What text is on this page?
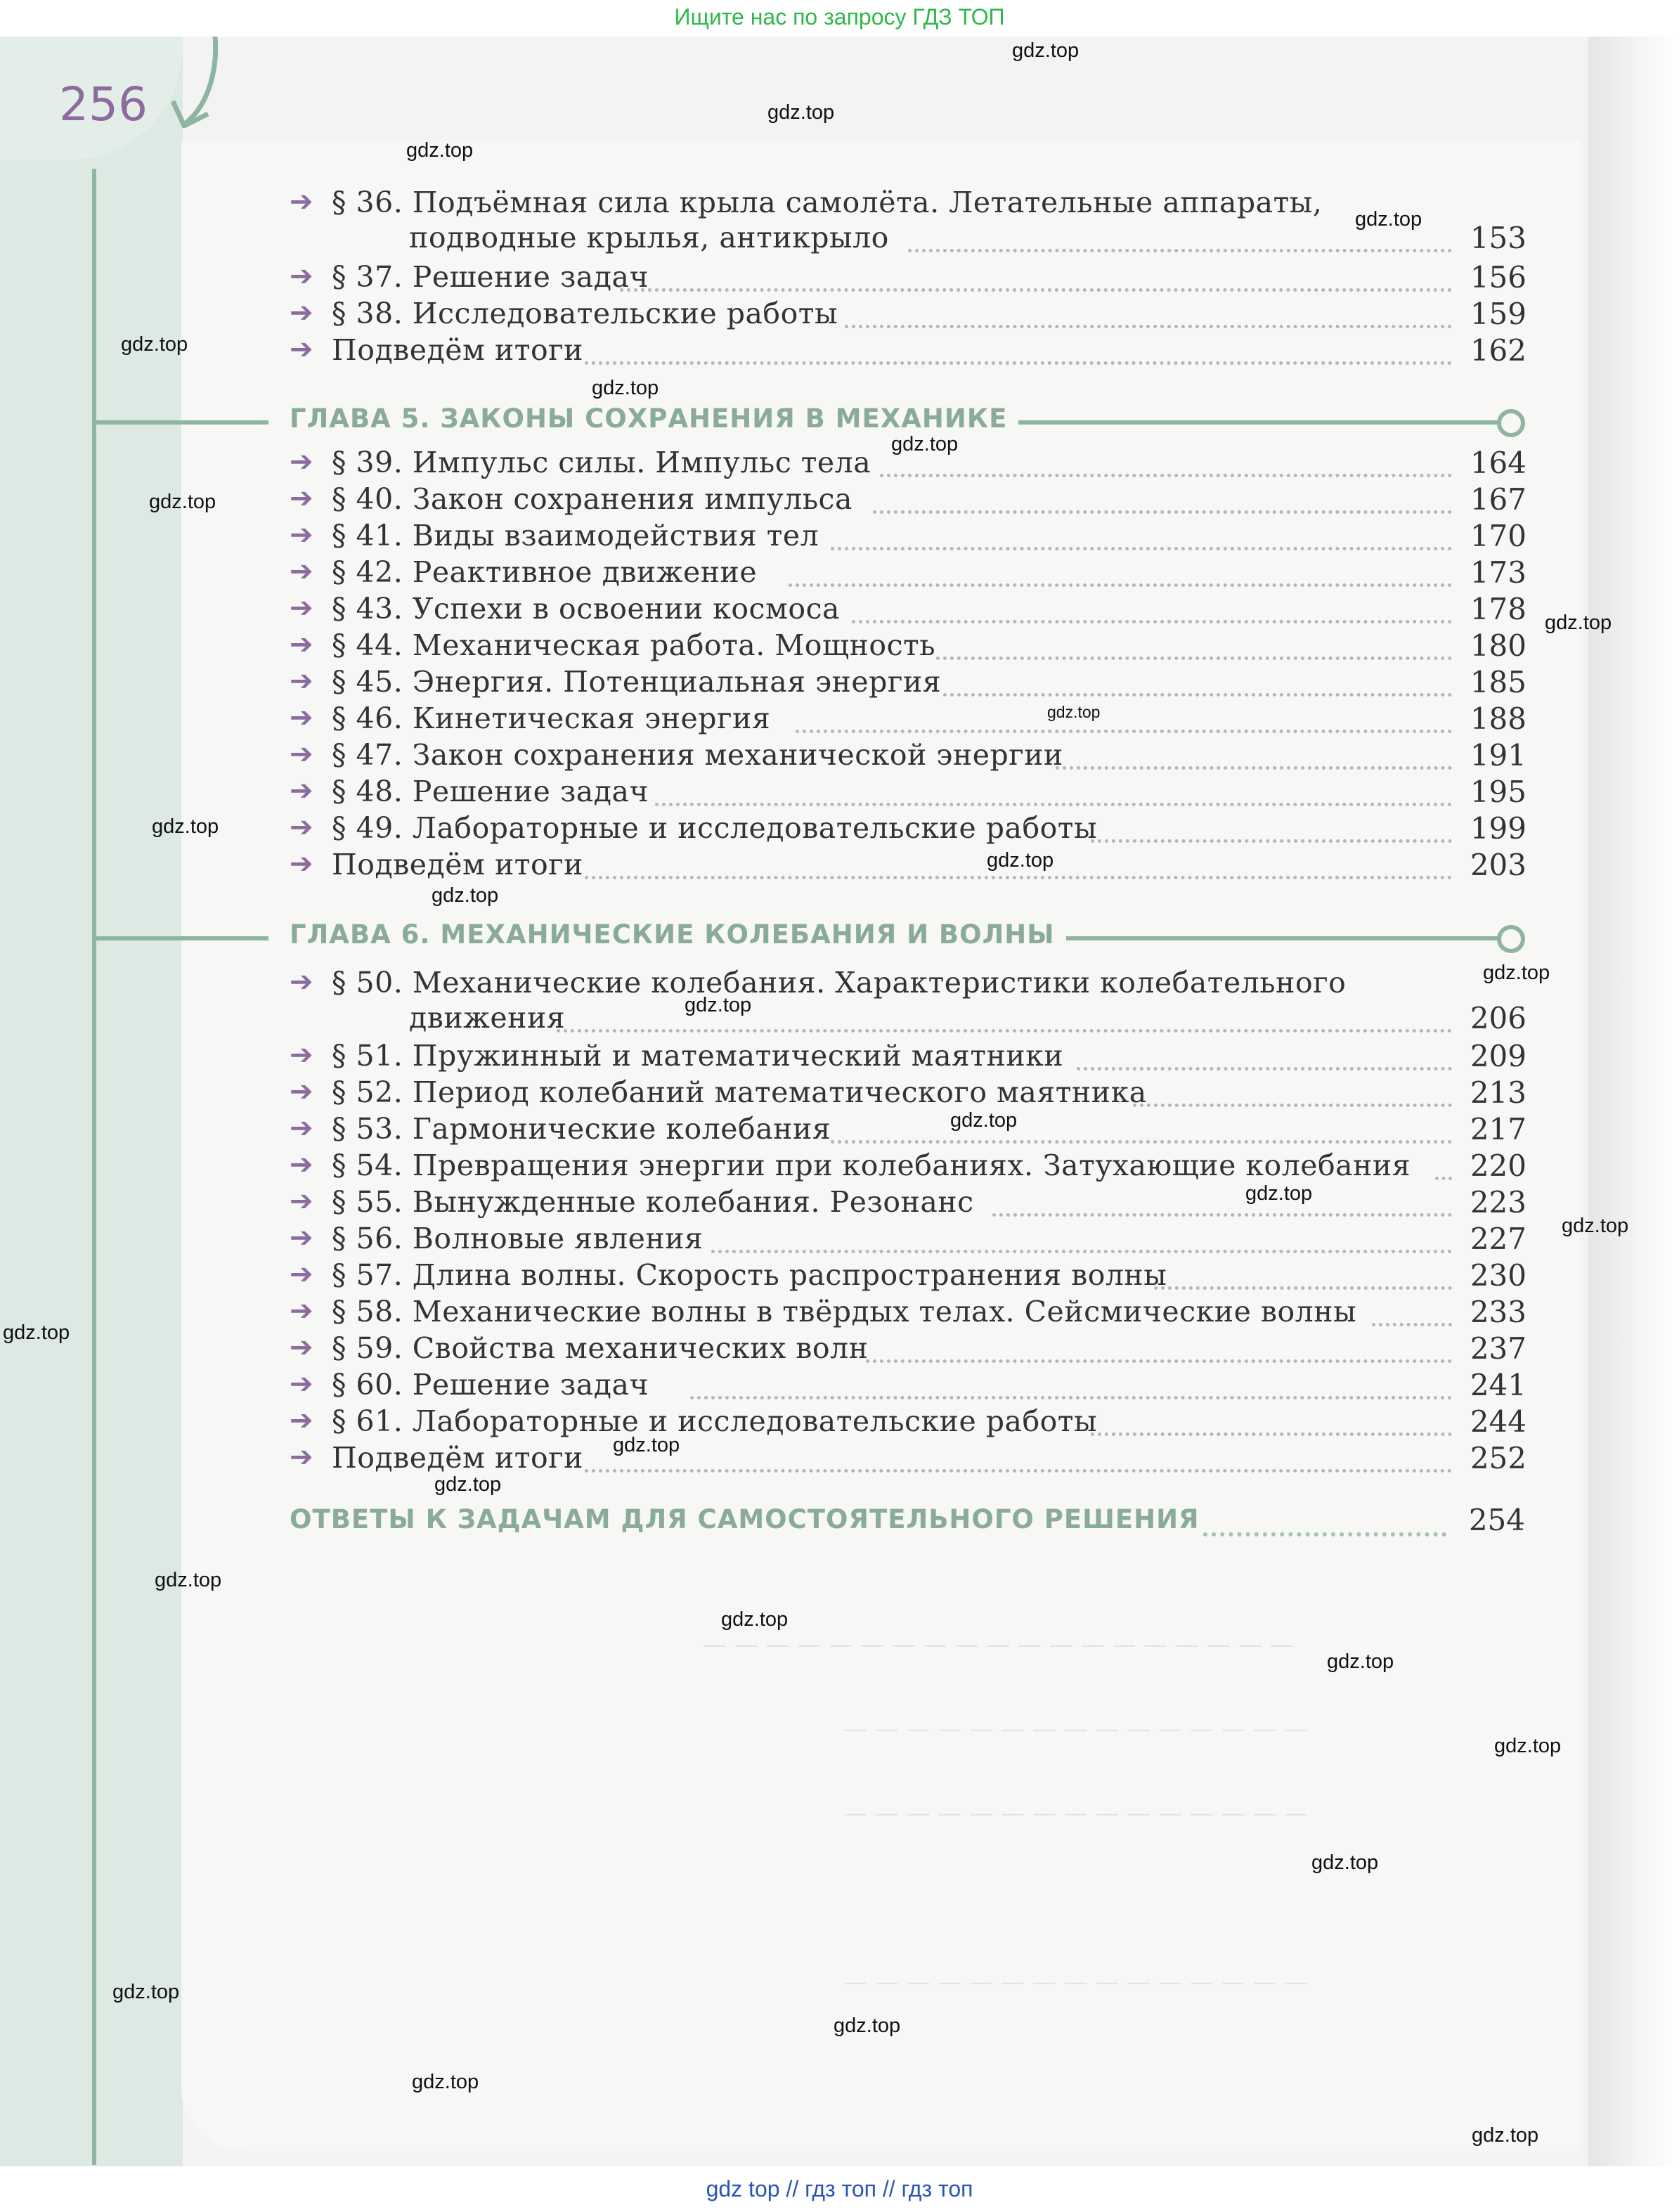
Ищите нас по запросу ГДЗ ТОП
256
➔ § 36. Подъёмная сила крыла самолёта. Летательные аппараты,
подводные крылья, антикрыло	153
➔ § 37. Решение задач	156
➔ § 38. Исследовательские работы	159
➔ Подведём итоги	162
ГЛАВА 5. ЗАКОНЫ СОХРАНЕНИЯ В МЕХАНИКЕ
➔ § 39. Импульс силы. Импульс тела	164
➔ § 40. Закон сохранения импульса	167
➔ § 41. Виды взаимодействия тел	170
➔ § 42. Реактивное движение	173
➔ § 43. Успехи в освоении космоса	178
➔ § 44. Механическая работа. Мощность	180
➔ § 45. Энергия. Потенциальная энергия	185
➔ § 46. Кинетическая энергия	188
➔ § 47. Закон сохранения механической энергии	191
➔ § 48. Решение задач	195
➔ § 49. Лабораторные и исследовательские работы	199
➔ Подведём итоги	203
ГЛАВА 6. МЕХАНИЧЕСКИЕ КОЛЕБАНИЯ И ВОЛНЫ
➔ § 50. Механические колебания. Характеристики колебательного
движения	206
➔ § 51. Пружинный и математический маятники	209
➔ § 52. Период колебаний математического маятника	213
➔ § 53. Гармонические колебания	217
➔ § 54. Превращения энергии при колебаниях. Затухающие колебания 220
➔ § 55. Вынужденные колебания. Резонанс	223
➔ § 56. Волновые явления	227
➔ § 57. Длина волны. Скорость распространения волны	230
➔ § 58. Механические волны в твёрдых телах. Сейсмические волны	233
➔ § 59. Свойства механических волн	237
➔ § 60. Решение задач	241
➔ § 61. Лабораторные и исследовательские работы	244
➔ Подведём итоги	252
ОТВЕТЫ К ЗАДАЧАМ ДЛЯ САМОСТОЯТЕЛЬНОГО РЕШЕНИЯ	254
— — — — — — — — — — — — — — — — — — —
— — — — — — — — — — — — — — —
— — — — — — — — — — — — — — —
— — — — — — — — — — — — — — —
gdz.top
gdz.top
gdz.top
gdz.top
gdz.top
gdz.top
gdz.top
gdz.top
gdz.top
gdz.top
gdz.top
gdz.top
gdz.top
gdz.top
gdz.top
gdz.top
gdz.top
gdz.top
gdz.top
gdz.top
gdz.top
gdz.top
gdz.top
gdz.top
gdz.top
gdz.top
gdz.top
gdz.top
gdz.top
gdz.top
gdz top // гдз топ // гдз топ
